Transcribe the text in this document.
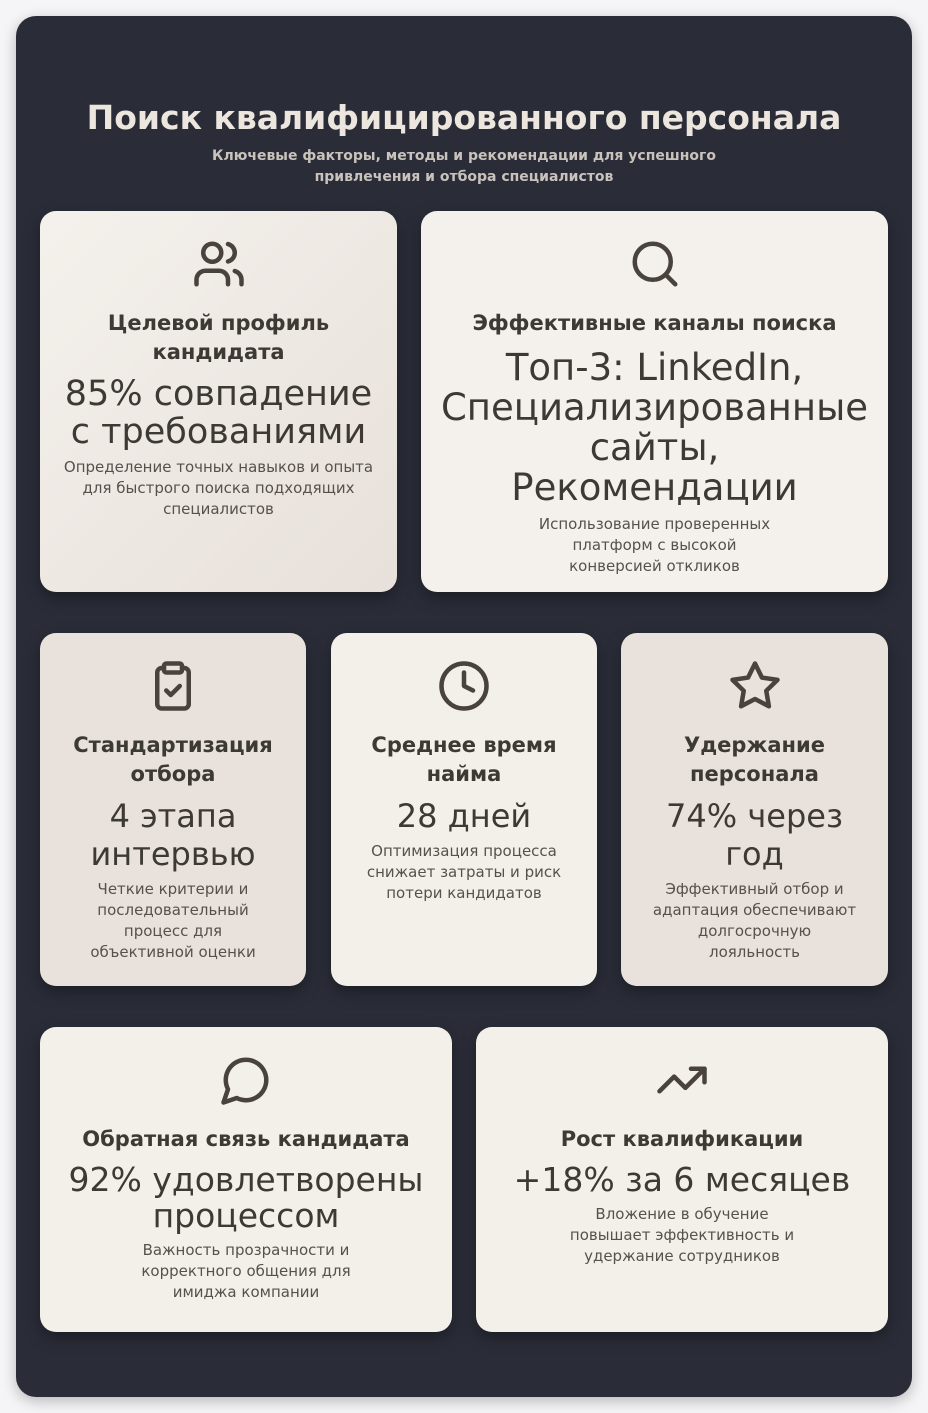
Поиск квалифицированного персонала
Ключевые факторы, методы и рекомендации для успешного привлечения и отбора специалистов
Целевой профиль кандидата
85% совпадение с требованиями
Определение точных навыков и опыта для быстрого поиска подходящих специалистов
Эффективные каналы поиска
Топ-3: LinkedIn, Специализированные сайты, Рекомендации
Использование проверенных платформ с высокой конверсией откликов
Стандартизация отбора
4 этапа интервью
Четкие критерии и последовательный процесс для объективной оценки
Среднее время найма
28 дней
Оптимизация процесса снижает затраты и риск потери кандидатов
Удержание персонала
74% через год
Эффективный отбор и адаптация обеспечивают долгосрочную лояльность
Обратная связь кандидата
92% удовлетворены процессом
Важность прозрачности и корректного общения для имиджа компании
Рост квалификации
+18% за 6 месяцев
Вложение в обучение повышает эффективность и удержание сотрудников
